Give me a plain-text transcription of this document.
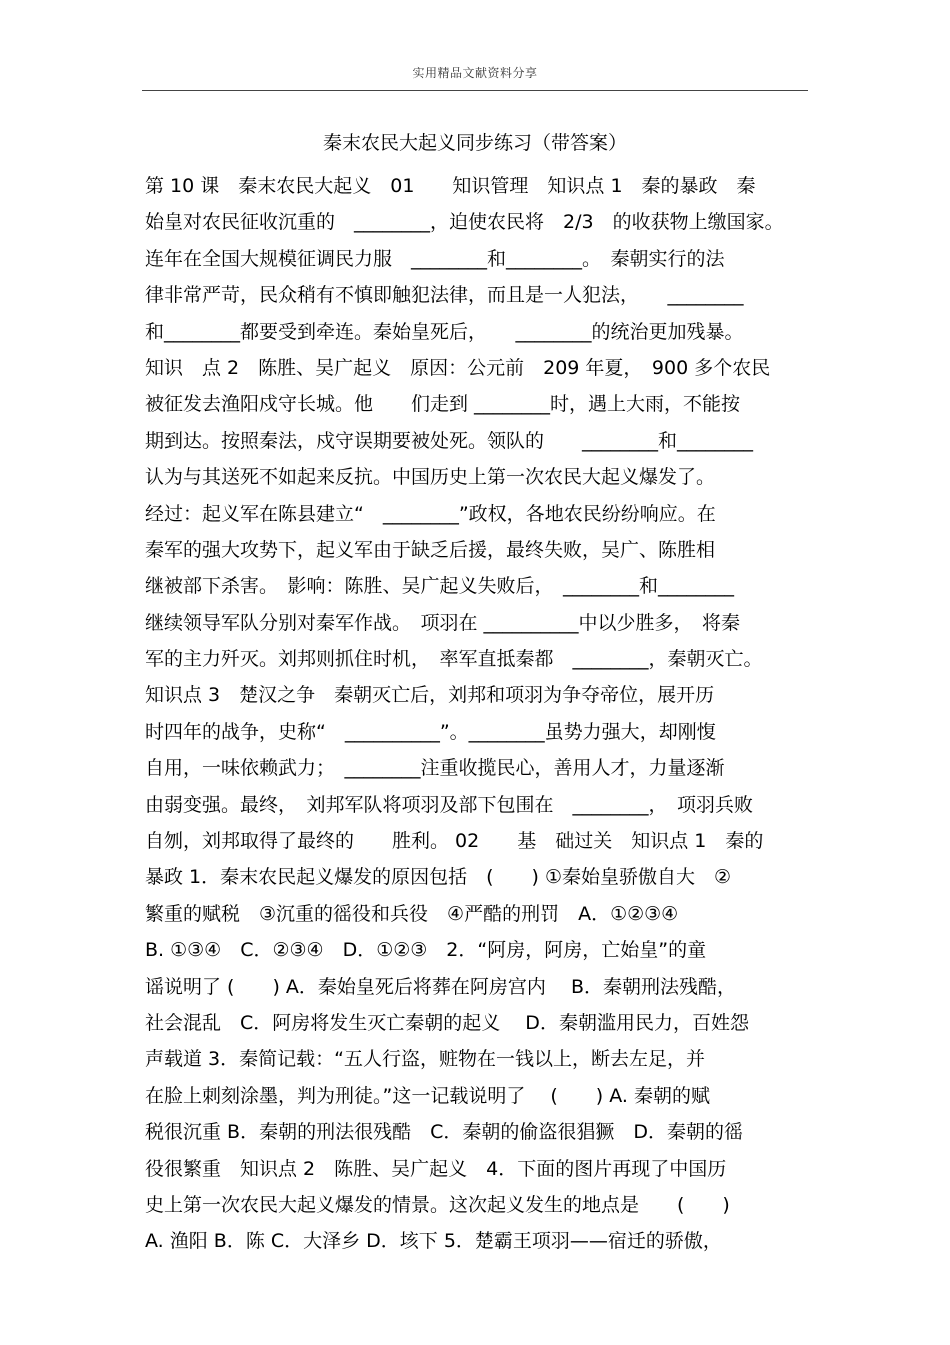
实用精品文献资料分享
秦末农民大起义同步练习（带答案）
第 10 课　秦末农民大起义　01　　知识管理　知识点 1　秦的暴政　秦
始皇对农民征收沉重的　________，迫使农民将　2/3　的收获物上缴国家。
连年在全国大规模征调民力服　________和________。　秦朝实行的法
律非常严苛，民众稍有不慎即触犯法律，而且是一人犯法，　　________
和________都要受到牵连。秦始皇死后，　　________的统治更加残暴。
知识　点 2　陈胜、吴广起义　原因：公元前　209 年夏，　900 多个农民
被征发去渔阳戍守长城。他　　们走到 ________时，遇上大雨，不能按
期到达。按照秦法，戍守误期要被处死。领队的　　________和________
认为与其送死不如起来反抗。中国历史上第一次农民大起义爆发了。
经过：起义军在陈县建立“　________”政权，各地农民纷纷响应。在
秦军的强大攻势下，起义军由于缺乏后援，最终失败，吴广、陈胜相
继被部下杀害。　影响：陈胜、吴广起义失败后，　________和________
继续领导军队分别对秦军作战。　项羽在 __________中以少胜多，　将秦
军的主力歼灭。刘邦则抓住时机，　率军直抵秦都　________，秦朝灭亡。
知识点 3　楚汉之争　秦朝灭亡后，刘邦和项羽为争夺帝位，展开历
时四年的战争，史称“　__________”。________虽势力强大，却刚愎
自用，一味依赖武力；　________注重收揽民心，善用人才，力量逐渐
由弱变强。最终，　刘邦军队将项羽及部下包围在　________，　项羽兵败
自刎，刘邦取得了最终的　　胜利。 02　　基　础过关　知识点 1　秦的
暴政 1．秦末农民起义爆发的原因包括　(　　) ①秦始皇骄傲自大　②
繁重的赋税　③沉重的徭役和兵役　④严酷的刑罚　A．①②③④
B. ①③④　C．②③④　D．①②③　2．“阿房，阿房，亡始皇”的童
谣说明了 (　　) A．秦始皇死后将葬在阿房宫内　 B．秦朝刑法残酷，
社会混乱　C．阿房将发生灭亡秦朝的起义　 D．秦朝滥用民力，百姓怨
声载道 3．秦简记载：“五人行盗，赃物在一钱以上，断去左足，并
在脸上刺刻涂墨，判为刑徒。”这一记载说明了　 (　　) A. 秦朝的赋
税很沉重 B．秦朝的刑法很残酷　C．秦朝的偷盗很猖獗　D．秦朝的徭
役很繁重　知识点 2　陈胜、吴广起义　4．下面的图片再现了中国历
史上第一次农民大起义爆发的情景。这次起义发生的地点是　　(　　)
A. 渔阳 B．陈 C．大泽乡 D．垓下 5．楚霸王项羽——宿迁的骄傲，
